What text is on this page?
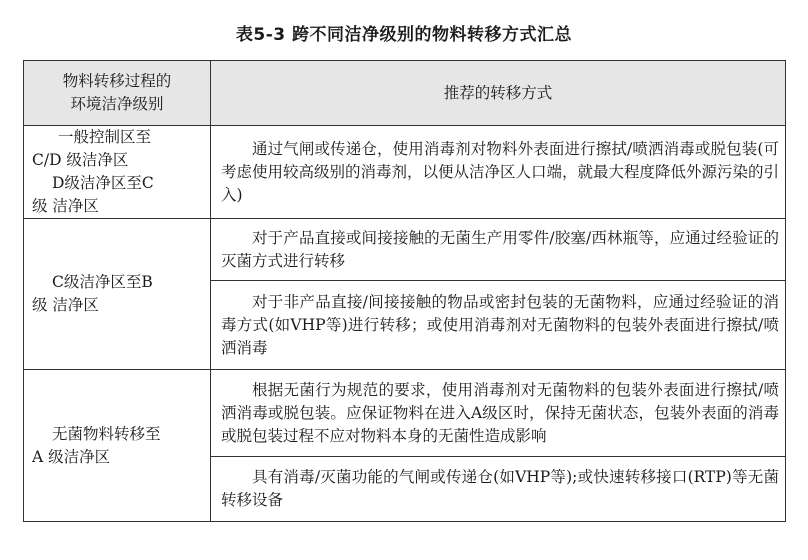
表5-3 跨不同洁净级别的物料转移方式汇总
物料转移过程的
环境洁净级别	推荐的转移方式

一般控制区至
C/D 级洁净区
D级洁净区至C
级 洁净区	通过气闸或传递仓，使用消毒剂对物料外表面进行擦拭/喷洒消毒或脱包装(可考虑使用较高级别的消毒剂，以便从洁净区人口端，就最大程度降低外源污染的引入)

C级洁净区至B
级 洁净区	对于产品直接或间接接触的无菌生产用零件/胶塞/西林瓶等，应通过经验证的灭菌方式进行转移
	对于非产品直接/间接接触的物品或密封包装的无菌物料，应通过经验证的消毒方式(如VHP等)进行转移；或使用消毒剂对无菌物料的包装外表面进行擦拭/喷洒消毒

无菌物料转移至
A 级洁净区	根据无菌行为规范的要求，使用消毒剂对无菌物料的包装外表面进行擦拭/喷洒消毒或脱包装。应保证物料在进入A级区时，保持无菌状态，包装外表面的消毒或脱包装过程不应对物料本身的无菌性造成影响
	具有消毒/灭菌功能的气闸或传递仓(如VHP等);或快速转移接口(RTP)等无菌转移设备
